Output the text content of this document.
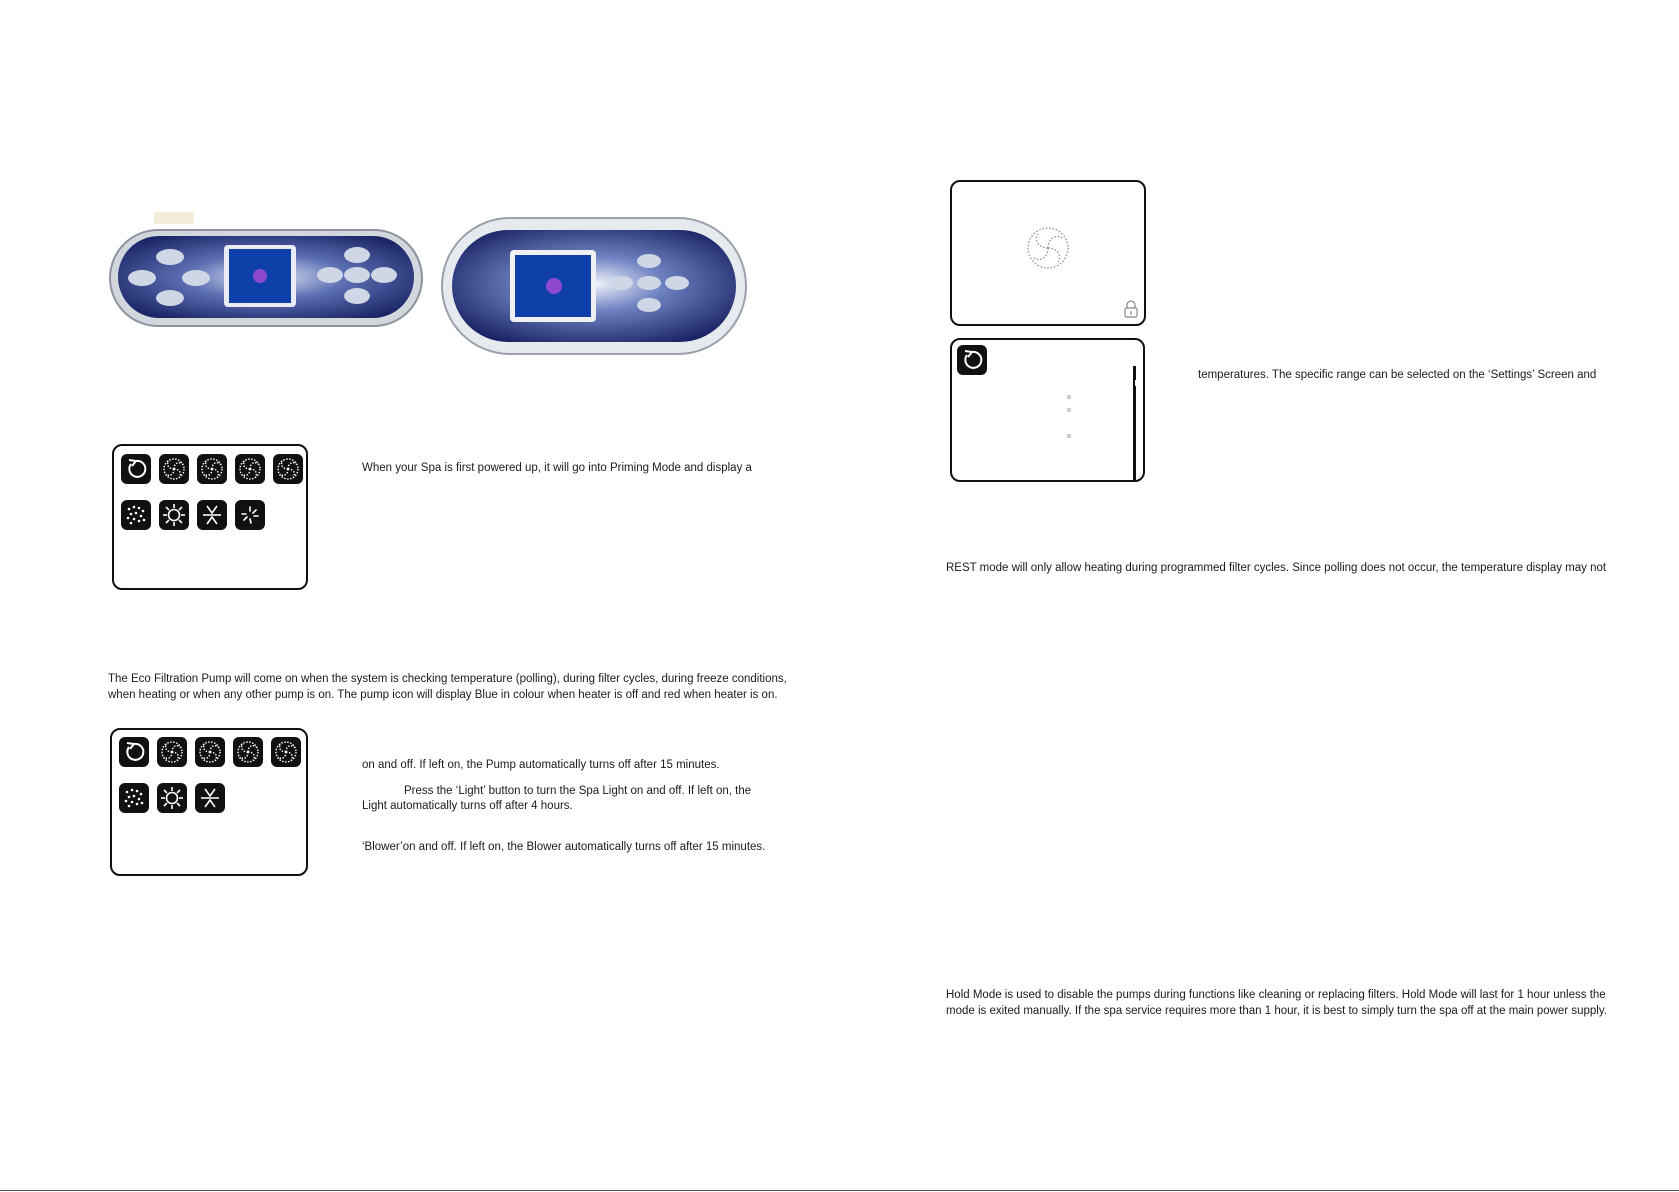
When your Spa is first powered up, it will go into Priming Mode and display a
The Eco Filtration Pump will come on when the system is checking temperature (polling), during filter cycles, during freeze conditions,
when heating or when any other pump is on. The pump icon will display Blue in colour when heater is off and red when heater is on.
on and off. If left on, the Pump automatically turns off after 15 minutes.
Press the ‘Light’ button to turn the Spa Light on and off. If left on, the
Light automatically turns off after 4 hours.
‘Blower’on and off. If left on, the Blower automatically turns off after 15 minutes.
temperatures. The specific range can be selected on the ‘Settings’ Screen and
REST mode will only allow heating during programmed filter cycles. Since polling does not occur, the temperature display may not
Hold Mode is used to disable the pumps during functions like cleaning or replacing filters. Hold Mode will last for 1 hour unless the
mode is exited manually. If the spa service requires more than 1 hour, it is best to simply turn the spa off at the main power supply.
